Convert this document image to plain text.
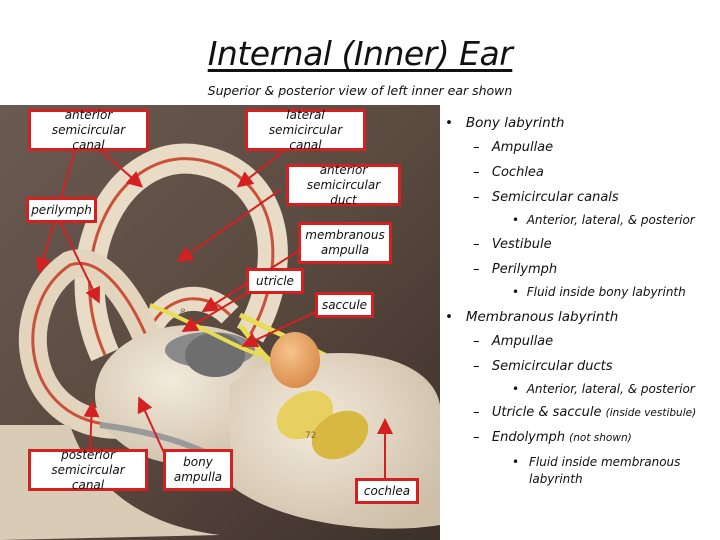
Internal (Inner) Ear
Superior & posterior view of left inner ear shown
8
72
anterior
semicircular canal
lateral
semicircular canal
anterior
semicircular duct
perilymph
membranous
ampulla
utricle
saccule
posterior
semicircular canal
bony
ampulla
cochlea
• Bony labyrinth
– Ampullae
– Cochlea
– Semicircular canals
• Anterior, lateral, & posterior
– Vestibule
– Perilymph
• Fluid inside bony labyrinth
• Membranous labyrinth
– Ampullae
– Semicircular ducts
• Anterior, lateral, & posterior
– Utricle & saccule (inside vestibule)
– Endolymph (not shown)
• Fluid inside membranous labyrinth
